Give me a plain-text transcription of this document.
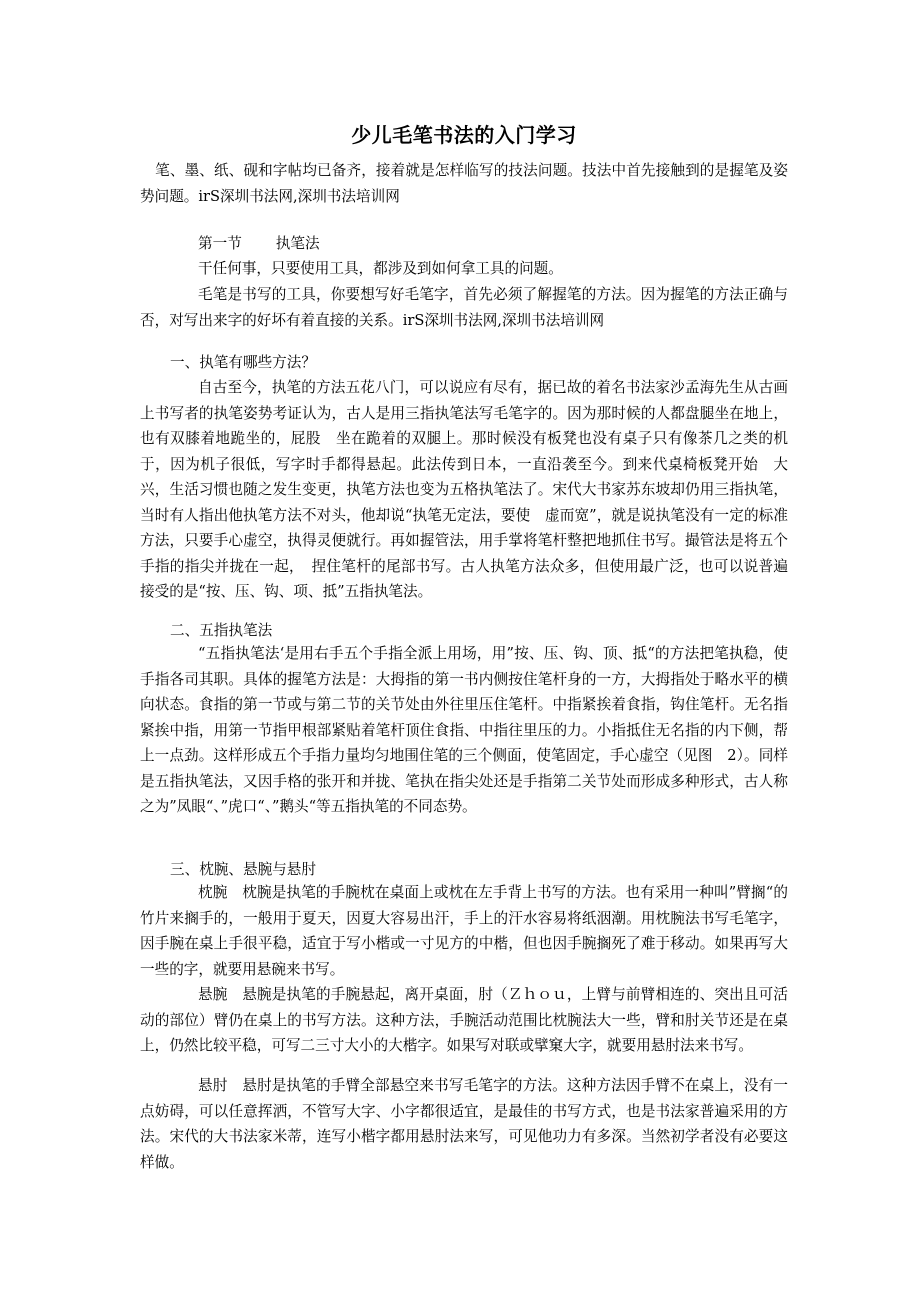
少儿毛笔书法的入门学习
笔、墨、纸、砚和字帖均已备齐，接着就是怎样临写的技法问题。技法中首先接触到的是握笔及姿势问题。irS深圳书法网,深圳书法培训网
第一节 执笔法
干任何事，只要使用工具，都涉及到如何拿工具的问题。
毛笔是书写的工具，你要想写好毛笔字，首先必须了解握笔的方法。因为握笔的方法正确与否，对写出来字的好坏有着直接的关系。irS深圳书法网,深圳书法培训网
一、执笔有哪些方法？
自古至今，执笔的方法五花八门，可以说应有尽有，据已故的着名书法家沙孟海先生从古画上书写者的执笔姿势考证认为，古人是用三指执笔法写毛笔字的。因为那时候的人都盘腿坐在地上，也有双膝着地跪坐的，屁股　坐在跪着的双腿上。那时候没有板凳也没有桌子只有像茶几之类的机于，因为机子很低，写字时手都得悬起。此法传到日本，一直沿袭至今。到来代桌椅板凳开始　大兴，生活习惯也随之发生变更，执笔方法也变为五格执笔法了。宋代大书家苏东坡却仍用三指执笔，当时有人指出他执笔方法不对头，他却说“执笔无定法，要使　虚而宽”，就是说执笔没有一定的标准方法，只要手心虚空，执得灵便就行。再如握管法，用手掌将笔杆整把地抓住书写。撮管法是将五个手指的指尖并拢在一起，　捏住笔杆的尾部书写。古人执笔方法众多，但使用最广泛，也可以说普遍接受的是“按、压、钩、项、抵”五指执笔法。
二、五指执笔法
“五指执笔法‘是用右手五个手指全派上用场，用”按、压、钩、顶、抵“的方法把笔执稳，使手指各司其职。具体的握笔方法是：大拇指的第一书内侧按住笔杆身的一方，大拇指处于略水平的横向状态。食指的第一节或与第二节的关节处由外往里压住笔杆。中指紧挨着食指，钩住笔杆。无名指紧挨中指，用第一节指甲根部紧贴着笔杆顶住食指、中指往里压的力。小指抵住无名指的内下侧，帮上一点劲。这样形成五个手指力量均匀地围住笔的三个侧面，使笔固定，手心虚空（见图　2）。同样是五指执笔法，又因手格的张开和并拢、笔执在指尖处还是手指第二关节处而形成多种形式，古人称之为”凤眼“、”虎口“、”鹅头“等五指执笔的不同态势。
三、枕腕、悬腕与悬肘
枕腕　枕腕是执笔的手腕枕在桌面上或枕在左手背上书写的方法。也有采用一种叫”臂搁“的竹片来搁手的，一般用于夏天，因夏大容易出汗，手上的汗水容易将纸洇潮。用枕腕法书写毛笔字，因手腕在桌上手很平稳，适宜于写小楷或一寸见方的中楷，但也因手腕搁死了难于移动。如果再写大一些的字，就要用悬碗来书写。
悬腕　悬腕是执笔的手腕悬起，离开桌面，肘（Ｚｈｏｕ，上臂与前臂相连的、突出且可活动的部位）臂仍在桌上的书写方法。这种方法，手腕活动范围比枕腕法大一些，臂和肘关节还是在桌上，仍然比较平稳，可写二三寸大小的大楷字。如果写对联或擘窠大字，就要用悬肘法来书写。
悬肘　悬肘是执笔的手臂全部悬空来书写毛笔字的方法。这种方法因手臂不在桌上，没有一点妨碍，可以任意挥洒，不管写大字、小字都很适宜，是最佳的书写方式，也是书法家普遍采用的方法。宋代的大书法家米蒂，连写小楷字都用悬肘法来写，可见他功力有多深。当然初学者没有必要这样做。
